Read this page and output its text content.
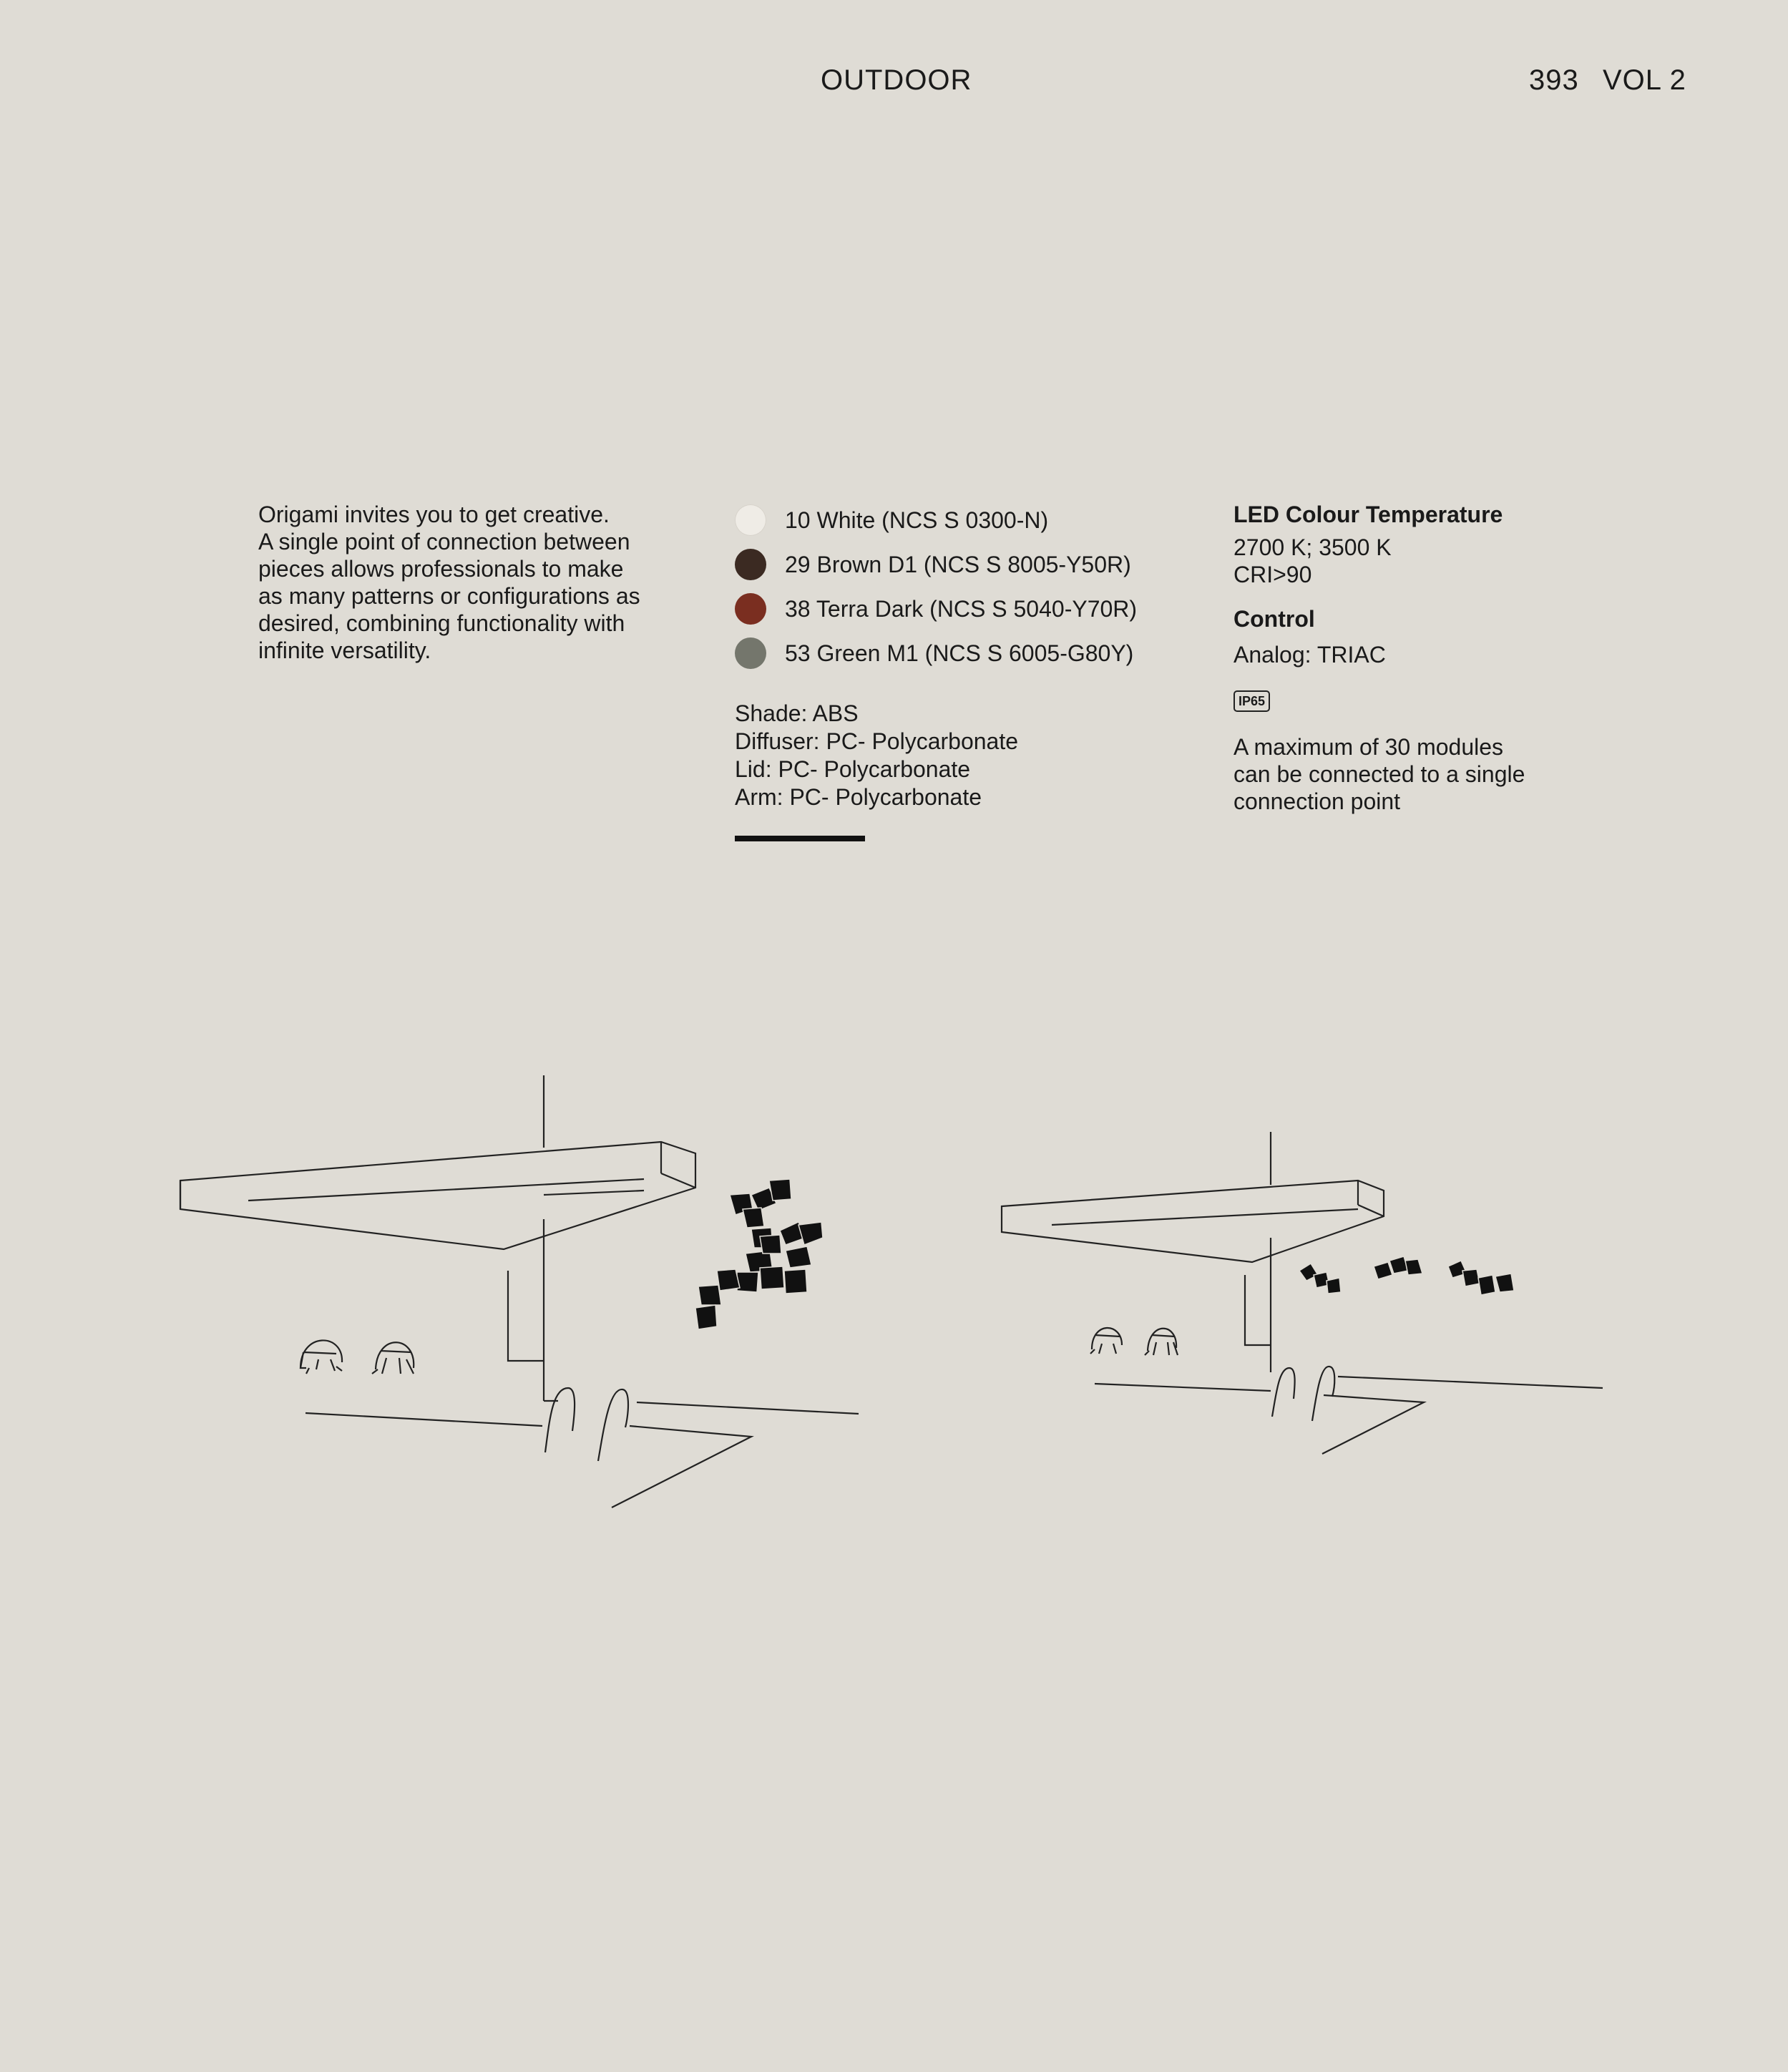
OUTDOOR	393 VOL 2
Origami invites you to get creative.
A single point of connection between
pieces allows professionals to make
as many patterns or configurations as
desired, combining functionality with
infinite versatility.
10 White (NCS S 0300-N)
29 Brown D1 (NCS S 8005-Y50R)
38 Terra Dark (NCS S 5040-Y70R)
53 Green M1 (NCS S 6005-G80Y)
Shade: ABS
Diffuser: PC- Polycarbonate
Lid: PC- Polycarbonate
Arm: PC- Polycarbonate
LED Colour Temperature
2700 K; 3500 K
CRI>90
Control
Analog: TRIAC
IP65
A maximum of 30 modules
can be connected to a single
connection point
